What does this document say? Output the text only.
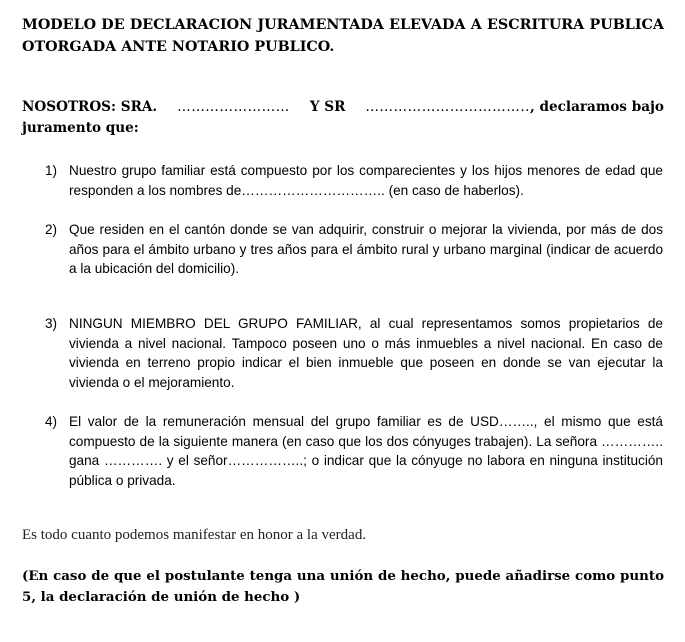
MODELO DE DECLARACION JURAMENTADA ELEVADA A ESCRITURA PUBLICA OTORGADA ANTE NOTARIO PUBLICO.
NOSOTROS: SRA. …………………… Y SR …………………………….. , declaramos bajo
juramento que:
1) Nuestro grupo familiar está compuesto por los comparecientes y los hijos menores de edad que responden a los nombres de………………………….. (en caso de haberlos).
2) Que residen en el cantón donde se van adquirir, construir o mejorar la vivienda, por más de dos años para el ámbito urbano y tres años para el ámbito rural y urbano marginal (indicar de acuerdo a la ubicación del domicilio).
3) NINGUN MIEMBRO DEL GRUPO FAMILIAR, al cual representamos somos propietarios de vivienda a nivel nacional. Tampoco poseen uno o más inmuebles a nivel nacional. En caso de vivienda en terreno propio indicar el bien inmueble que poseen en donde se van ejecutar la vivienda o el mejoramiento.
4) El valor de la remuneración mensual del grupo familiar es de USD…….., el mismo que está compuesto de la siguiente manera (en caso que los dos cónyuges trabajen). La señora ………….. gana …………. y el señor……………..; o indicar que la cónyuge no labora en ninguna institución pública o privada.
Es todo cuanto podemos manifestar en honor a la verdad.
(En caso de que el postulante tenga una unión de hecho, puede añadirse como punto 5, la declaración de unión de hecho )
